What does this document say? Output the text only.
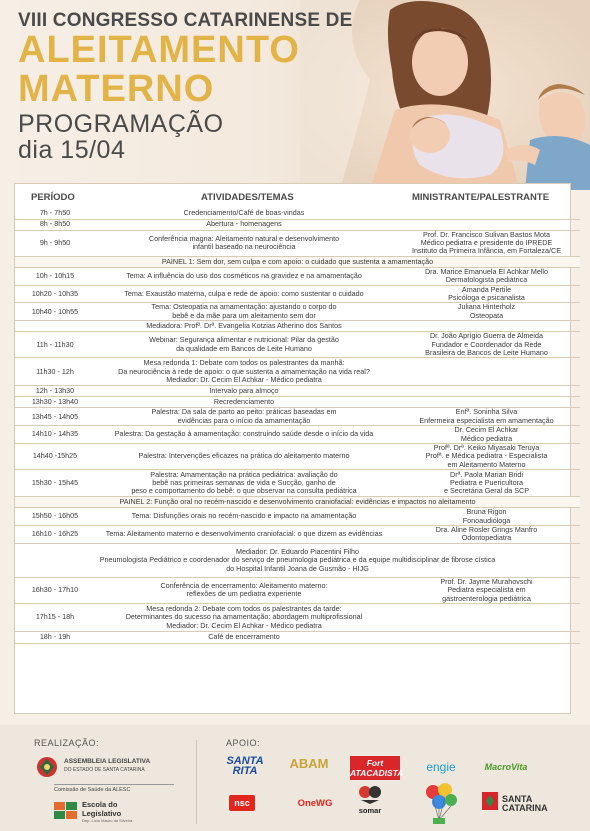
VIII CONGRESSO CATARINENSE DE
ALEITAMENTO
MATERNO
PROGRAMAÇÃO
dia 15/04
PERÍODO	ATIVIDADES/TEMAS	MINISTRANTE/PALESTRANTE
7h - 7h50	Credenciamento/Café de boas-vindas	
8h - 8h50	Abertura - homenagens	
9h - 9h50	Conferência magna: Aleitamento natural e desenvolvimento
infantil baseado na neurociência	Prof. Dr. Francisco Sulivan Bastos Mota
Médico pediatra e presidente do IPREDE
Instituto da Primeira Infância, em Fortaleza/CE
PAINEL 1: Sem dor, sem culpa e com apoio: o cuidado que sustenta a amamentação		
10h - 10h15	Tema: A influência do uso dos cosméticos na gravidez e na amamentação	Dra. Marice Emanuela El Achkar Mello
Dermatologista pediátrica
10h20 - 10h35	Tema: Exaustão materna, culpa e rede de apoio: como sustentar o cuidado	Amanda Pertile
Psicóloga e psicanalista
10h40 - 10h55	Tema: Osteopatia na amamentação: ajustando o corpo do
bebê e da mãe para um aleitamento sem dor	Juliana Hinterholz
Osteopata
	Mediadora: Profª. Drª. Evangelia Kotzias Atherino dos Santos	
11h - 11h30	Webinar: Segurança alimentar e nutricional: Pilar da gestão
da qualidade em Bancos de Leite Humano	Dr. João Aprígio Guerra de Almeida
Fundador e Coordenador da Rede
Brasileira de Bancos de Leite Humano
11h30 - 12h	Mesa redonda 1: Debate com todos os palestrantes da manhã:
Da neurociência à rede de apoio: o que sustenta a amamentação na vida real?
Mediador: Dr. Cecim El Achkar - Médico pediatra	
12h - 13h30	Intervalo para almoço	
13h30 - 13h40	Recredenciamento	
13h45 - 14h05	Palestra: Da sala de parto ao peito: práticas baseadas em
evidências para o início da amamentação	Enfª. Soninha Silva
Enfermeira especialista em amamentação
14h10 - 14h35	Palestra: Da gestação à amamentação: construindo saúde desde o início da vida	Dr. Cecim El Achkar
Médico pediatra
14h40 -15h25	Palestra: Intervenções eficazes na prática do aleitamento materno	Profª. Drª. Keiko Miyasaki Teruya
Profª. e Médica pediatra - Especialista
em Aleitamento Materno
15h30 - 15h45	Palestra: Amamentação na prática pediátrica: avaliação do
bebê nas primeiras semanas de vida e Sucção, ganho de
peso e comportamento do bebê: o que observar na consulta pediátrica	Drª. Paola Marian Bridi
Pediatra e Puericultora
e Secretária Geral da SCP
PAINEL 2: Função oral no recém-nascido e desenvolvimento craniofacial: evidências e impactos no aleitamento		
15h50 - 16h05	Tema: Disfunções orais no recém-nascido e impacto na amamentação	Bruna Rigon
Fonoaudióloga
16h10 - 16h25	Tema: Aleitamento materno e desenvolvimento craniofacial: o que dizem as evidências	Dra. Aline Rosler Grings Manfro
Odontopediatra
Mediador: Dr. Eduardo Piacentini Filho
Pneumologista Pediátrico e coordenador do serviço de pneumologia pediátrica e da equipe multidisciplinar de fibrose cística
do Hospital Infantil Joana de Gusmão - HIJG		
16h30 - 17h10	Conferência de encerramento: Aleitamento materno:
reflexões de um pediatra experiente	Prof. Dr. Jayme Murahovschi
Pediatra especialista em
gastroenterologia pediátrica
17h15 - 18h	Mesa redonda 2: Debate com todos os palestrantes da tarde:
Determinantes do sucesso na amamentação: abordagem multiprofissional
Mediador: Dr. Cecim El Achkar - Médico pediatra	
18h - 19h	Café de encerramento	
REALIZAÇÃO:	APOIO:
ASSEMBLEIA LEGISLATIVA
DO ESTADO DE SANTA CATARINA
Comissão de Saúde da ALESC
Escola do
Legislativo
Dep. Lício Mauro da Silveira
SANTA RITA	ABAM	Fort ATACADISTA	engie	MacroVita
nsc	OneWG
somar
SANTA CATARINA
